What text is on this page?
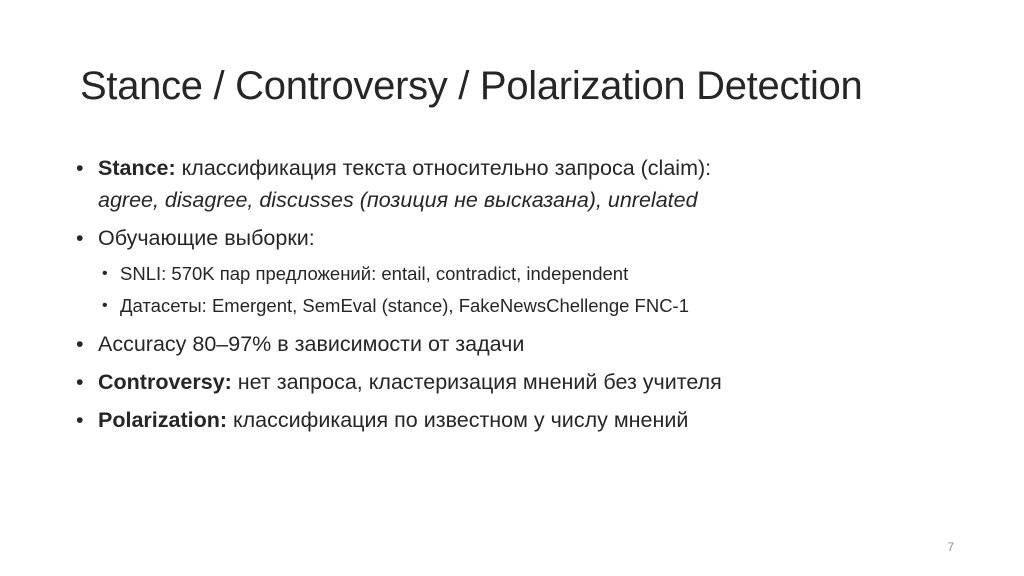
Stance / Controversy / Polarization Detection
• Stance: классификация текста относительно запроса (claim):
agree, disagree, discusses (позиция не высказана), unrelated
• Обучающие выборки:
• SNLI: 570K пар предложений: entail, contradict, independent
• Датасеты: Emergent, SemEval (stance), FakeNewsChellenge FNC-1
• Accuracy 80–97% в зависимости от задачи
• Controversy: нет запроса, кластеризация мнений без учителя
• Polarization: классификация по известном у числу мнений
7
